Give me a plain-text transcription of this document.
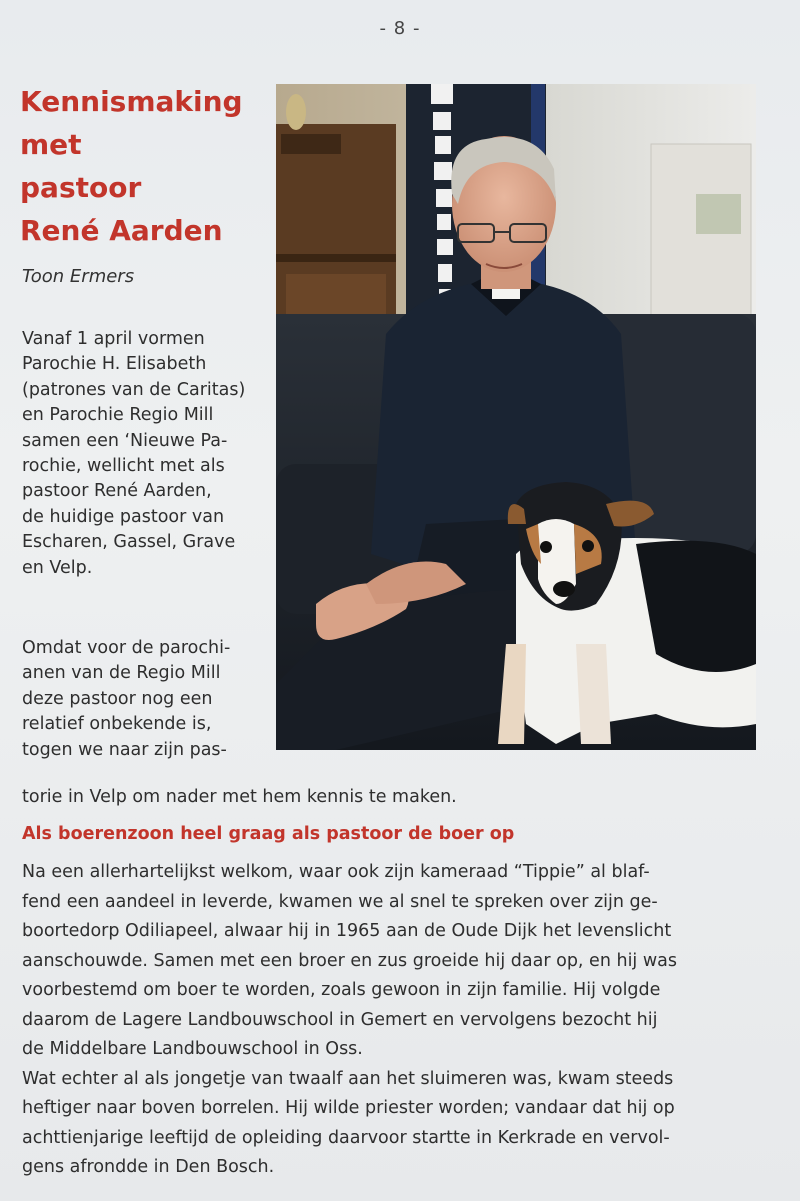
- 8 -
Kennismaking
met
pastoor
René Aarden
Toon Ermers

Vanaf 1 april vormen
Parochie H. Elisabeth
(patrones van de Caritas)
en Parochie Regio Mill
samen een ‘Nieuwe Pa-
rochie, wellicht met als
pastoor René Aarden,
de huidige pastoor van
Escharen, Gassel, Grave
en Velp.

Omdat voor de parochi-
anen van de Regio Mill
deze pastoor nog een
relatief onbekende is,
togen we naar zijn pas-

torie in Velp om nader met hem kennis te maken.
Als boerenzoon heel graag als pastoor de boer op

Na een allerhartelijkst welkom, waar ook zijn kameraad “Tippie” al blaf-
fend een aandeel in leverde, kwamen we al snel te spreken over zijn ge-
boortedorp Odiliapeel, alwaar hij in 1965 aan de Oude Dijk het levenslicht
aanschouwde. Samen met een broer en zus groeide hij daar op, en hij was
voorbestemd om boer te worden, zoals gewoon in zijn familie. Hij volgde
daarom de Lagere Landbouwschool in Gemert en vervolgens bezocht hij
de Middelbare Landbouwschool in Oss.
Wat echter al als jongetje van twaalf aan het sluimeren was, kwam steeds
heftiger naar boven borrelen. Hij wilde priester worden; vandaar dat hij op
achttienjarige leeftijd de opleiding daarvoor startte in Kerkrade en vervol-
gens afrondde in Den Bosch.
